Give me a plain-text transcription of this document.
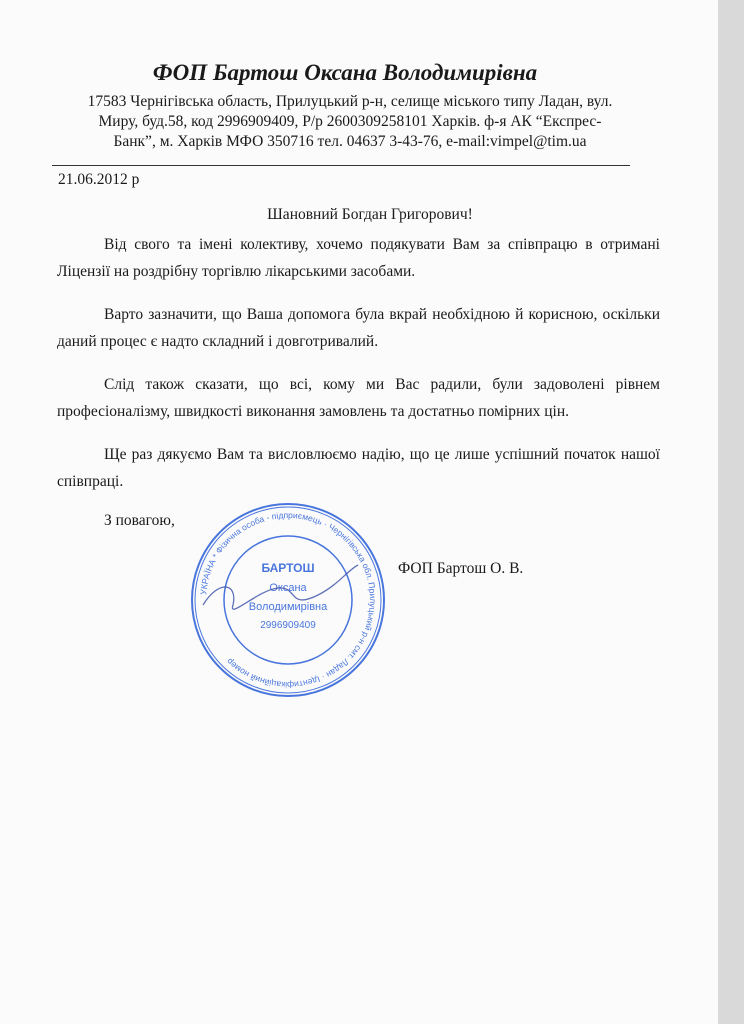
ФОП Бартош Оксана Володимирівна
17583 Чернігівська область, Прилуцький р-н, селище міського типу Ладан, вул.
Миру, буд.58, код 2996909409, Р/р 2600309258101 Харків. ф-я АК “Експрес-
Банк”, м. Харків МФО 350716 тел. 04637 3-43-76, e-mail:vimpel@tim.ua
21.06.2012 р
Шановний Богдан Григорович!

Від свого та імені колективу, хочемо подякувати Вам за співпрацю в отримані Ліцензії на роздрібну торгівлю лікарськими засобами.

Варто зазначити, що Ваша допомога була вкрай необхідною й корисною, оскільки даний процес є надто складний і довготривалий.

Слід також сказати, що всі, кому ми Вас радили, були задоволені рівнем професіоналізму, швидкості виконання замовлень та достатньо помірних цін.

Ще раз дякуємо Вам та висловлюємо надію, що це лише успішний початок нашої співпраці.

З повагою,
ФОП Бартош О. В.
УКРАЇНА * Фізична особа - підприємець · Чернігівська обл. Прилуцький р-н смт. Ладан · Ідентифікаційний номер
БАРТОШ
Оксана
Володимирівна
2996909409
